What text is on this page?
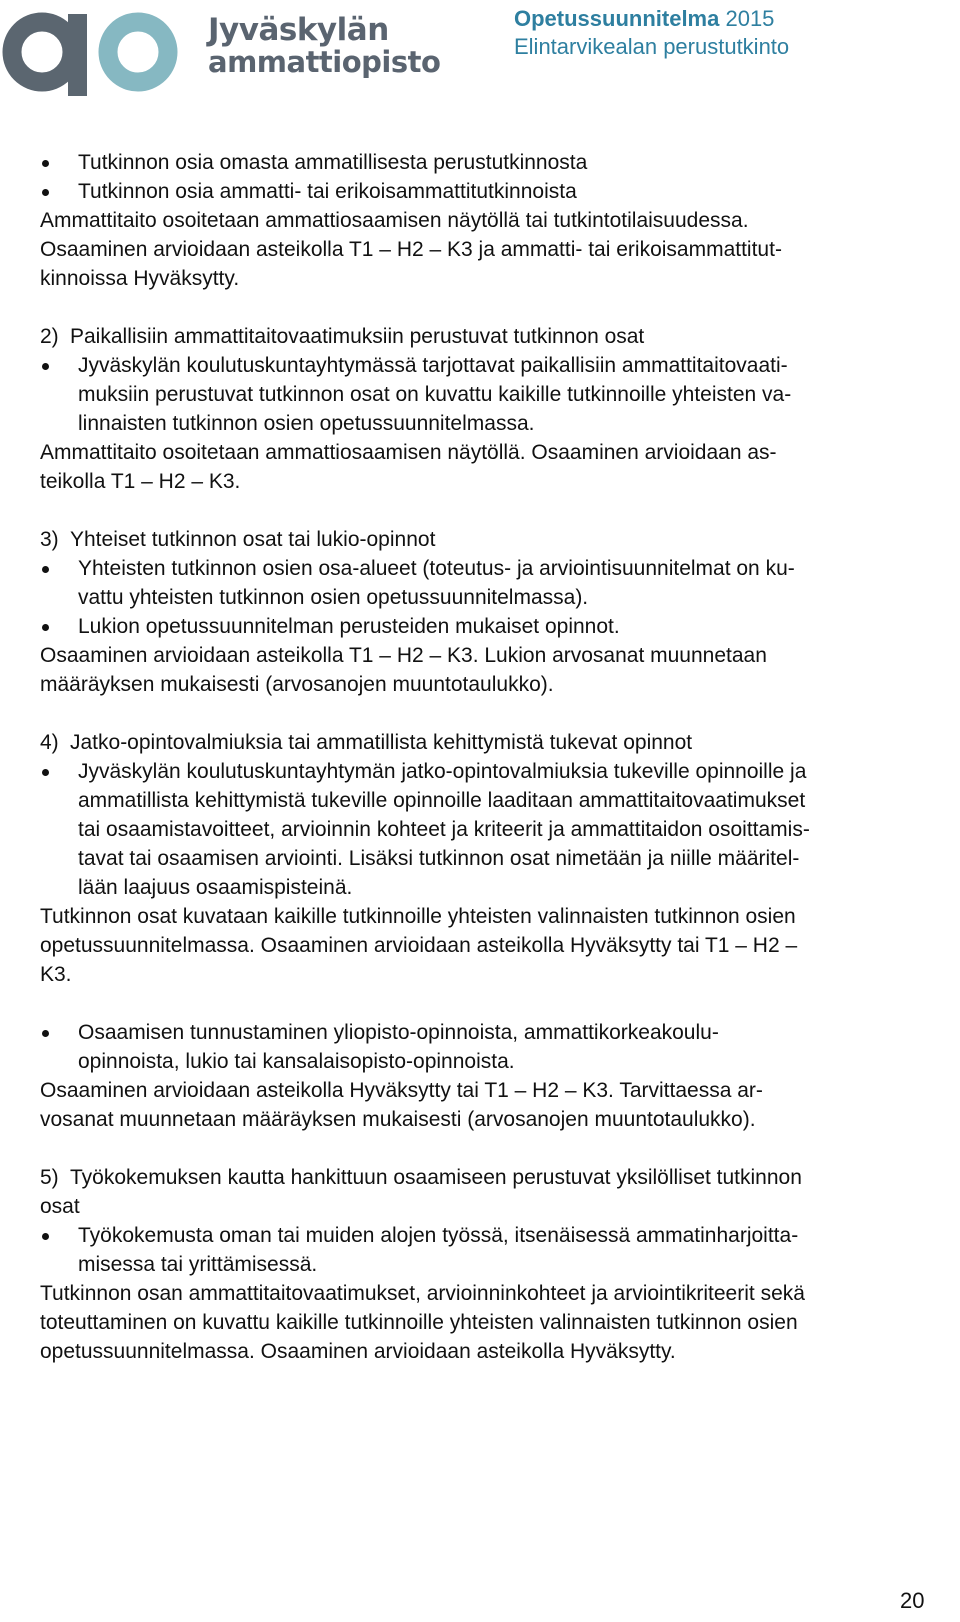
Jyväskylän
ammattiopisto
Opetussuunnitelma 2015
Elintarvikealan perustutkinto
Tutkinnon osia omasta ammatillisesta perustutkinnosta
Tutkinnon osia ammatti- tai erikoisammattitutkinnoista
Ammattitaito osoitetaan ammattiosaamisen näytöllä tai tutkintotilaisuudessa.
Osaaminen arvioidaan asteikolla T1 – H2 – K3 ja ammatti- tai erikoisammattitut-
kinnoissa Hyväksytty.
2) Paikallisiin ammattitaitovaatimuksiin perustuvat tutkinnon osat
Jyväskylän koulutuskuntayhtymässä tarjottavat paikallisiin ammattitaitovaati-
muksiin perustuvat tutkinnon osat on kuvattu kaikille tutkinnoille yhteisten va-
linnaisten tutkinnon osien opetussuunnitelmassa.
Ammattitaito osoitetaan ammattiosaamisen näytöllä. Osaaminen arvioidaan as-
teikolla T1 – H2 – K3.
3) Yhteiset tutkinnon osat tai lukio-opinnot
Yhteisten tutkinnon osien osa-alueet (toteutus- ja arviointisuunnitelmat on ku-
vattu yhteisten tutkinnon osien opetussuunnitelmassa).
Lukion opetussuunnitelman perusteiden mukaiset opinnot.
Osaaminen arvioidaan asteikolla T1 – H2 – K3. Lukion arvosanat muunnetaan
määräyksen mukaisesti (arvosanojen muuntotaulukko).
4) Jatko-opintovalmiuksia tai ammatillista kehittymistä tukevat opinnot
Jyväskylän koulutuskuntayhtymän jatko-opintovalmiuksia tukeville opinnoille ja
ammatillista kehittymistä tukeville opinnoille laaditaan ammattitaitovaatimukset
tai osaamistavoitteet, arvioinnin kohteet ja kriteerit ja ammattitaidon osoittamis-
tavat tai osaamisen arviointi. Lisäksi tutkinnon osat nimetään ja niille määritel-
lään laajuus osaamispisteinä.
Tutkinnon osat kuvataan kaikille tutkinnoille yhteisten valinnaisten tutkinnon osien
opetussuunnitelmassa. Osaaminen arvioidaan asteikolla Hyväksytty tai T1 – H2 –
K3.
Osaamisen tunnustaminen yliopisto-opinnoista, ammattikorkeakoulu-
opinnoista, lukio tai kansalaisopisto-opinnoista.
Osaaminen arvioidaan asteikolla Hyväksytty tai T1 – H2 – K3. Tarvittaessa ar-
vosanat muunnetaan määräyksen mukaisesti (arvosanojen muuntotaulukko).
5) Työkokemuksen kautta hankittuun osaamiseen perustuvat yksilölliset tutkinnon
osat
Työkokemusta oman tai muiden alojen työssä, itsenäisessä ammatinharjoitta-
misessa tai yrittämisessä.
Tutkinnon osan ammattitaitovaatimukset, arvioinninkohteet ja arviointikriteerit sekä
toteuttaminen on kuvattu kaikille tutkinnoille yhteisten valinnaisten tutkinnon osien
opetussuunnitelmassa. Osaaminen arvioidaan asteikolla Hyväksytty.
20
